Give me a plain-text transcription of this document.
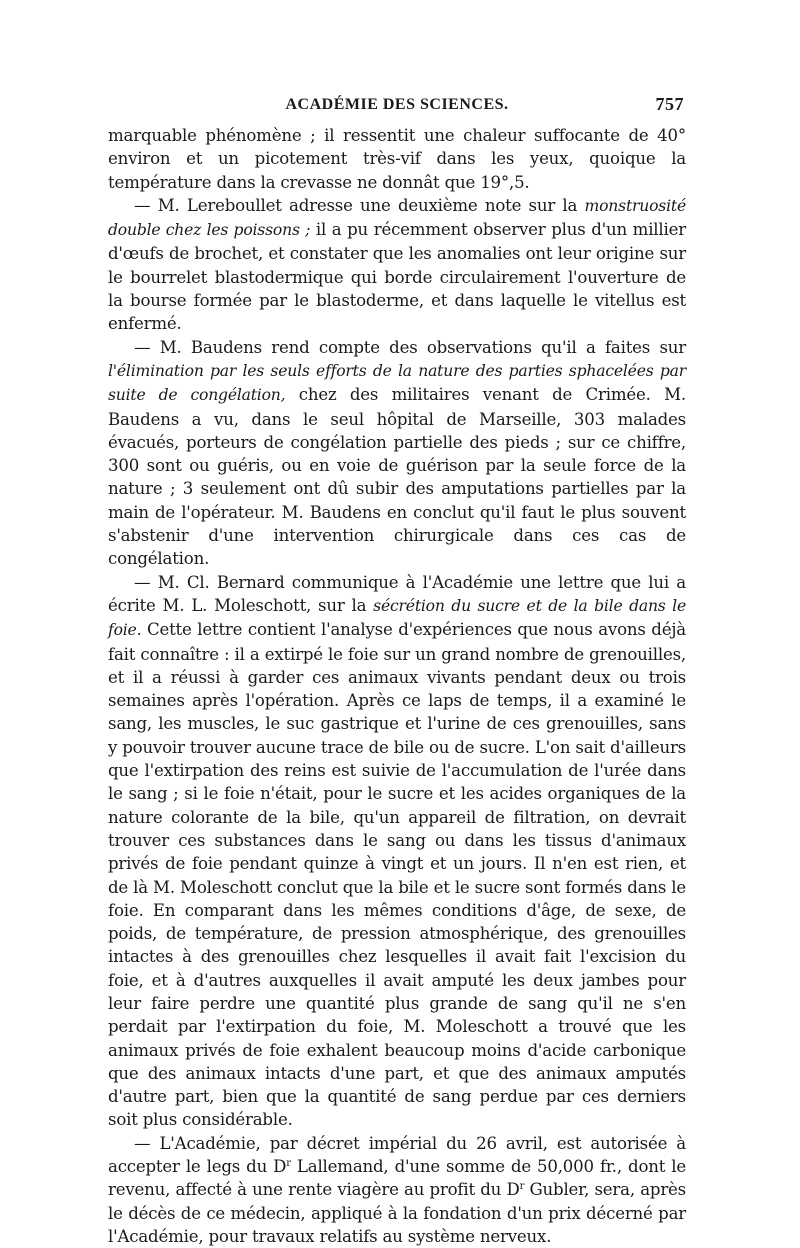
ACADÉMIE DES SCIENCES.	757

marquable phénomène ; il ressentit une chaleur suffocante de 40° environ et un picotement très-vif dans les yeux, quoique la température dans la crevasse ne donnât que 19°,5.

— M. Lereboullet adresse une deuxième note sur la monstruosité double chez les poissons ; il a pu récemment observer plus d'un millier d'œufs de brochet, et constater que les anomalies ont leur origine sur le bourrelet blastodermique qui borde circulairement l'ouverture de la bourse formée par le blastoderme, et dans laquelle le vitellus est enfermé.

— M. Baudens rend compte des observations qu'il a faites sur l'élimination par les seuls efforts de la nature des parties sphacelées par suite de congélation, chez des militaires venant de Crimée. M. Baudens a vu, dans le seul hôpital de Marseille, 303 malades évacués, porteurs de congélation partielle des pieds ; sur ce chiffre, 300 sont ou guéris, ou en voie de guérison par la seule force de la nature ; 3 seulement ont dû subir des amputations partielles par la main de l'opérateur. M. Baudens en conclut qu'il faut le plus souvent s'abstenir d'une intervention chirurgicale dans ces cas de congélation.

— M. Cl. Bernard communique à l'Académie une lettre que lui a écrite M. L. Moleschott, sur la sécrétion du sucre et de la bile dans le foie. Cette lettre contient l'analyse d'expériences que nous avons déjà fait connaître : il a extirpé le foie sur un grand nombre de grenouilles, et il a réussi à garder ces animaux vivants pendant deux ou trois semaines après l'opération. Après ce laps de temps, il a examiné le sang, les muscles, le suc gastrique et l'urine de ces grenouilles, sans y pouvoir trouver aucune trace de bile ou de sucre. L'on sait d'ailleurs que l'extirpation des reins est suivie de l'accumulation de l'urée dans le sang ; si le foie n'était, pour le sucre et les acides organiques de la nature colorante de la bile, qu'un appareil de filtration, on devrait trouver ces substances dans le sang ou dans les tissus d'animaux privés de foie pendant quinze à vingt et un jours. Il n'en est rien, et de là M. Moleschott conclut que la bile et le sucre sont formés dans le foie. En comparant dans les mêmes conditions d'âge, de sexe, de poids, de température, de pression atmosphérique, des grenouilles intactes à des grenouilles chez lesquelles il avait fait l'excision du foie, et à d'autres auxquelles il avait amputé les deux jambes pour leur faire perdre une quantité plus grande de sang qu'il ne s'en perdait par l'extirpation du foie, M. Moleschott a trouvé que les animaux privés de foie exhalent beaucoup moins d'acide carbonique que des animaux intacts d'une part, et que des animaux amputés d'autre part, bien que la quantité de sang perdue par ces derniers soit plus considérable.

— L'Académie, par décret impérial du 26 avril, est autorisée à accepter le legs du $D^r$ Lallemand, d'une somme de 50,000 fr., dont le revenu, affecté à une rente viagère au profit du $D^r$ Gubler, sera, après le décès de ce médecin, appliqué à la fondation d'un prix décerné par l'Académie, pour travaux relatifs au système nerveux.
